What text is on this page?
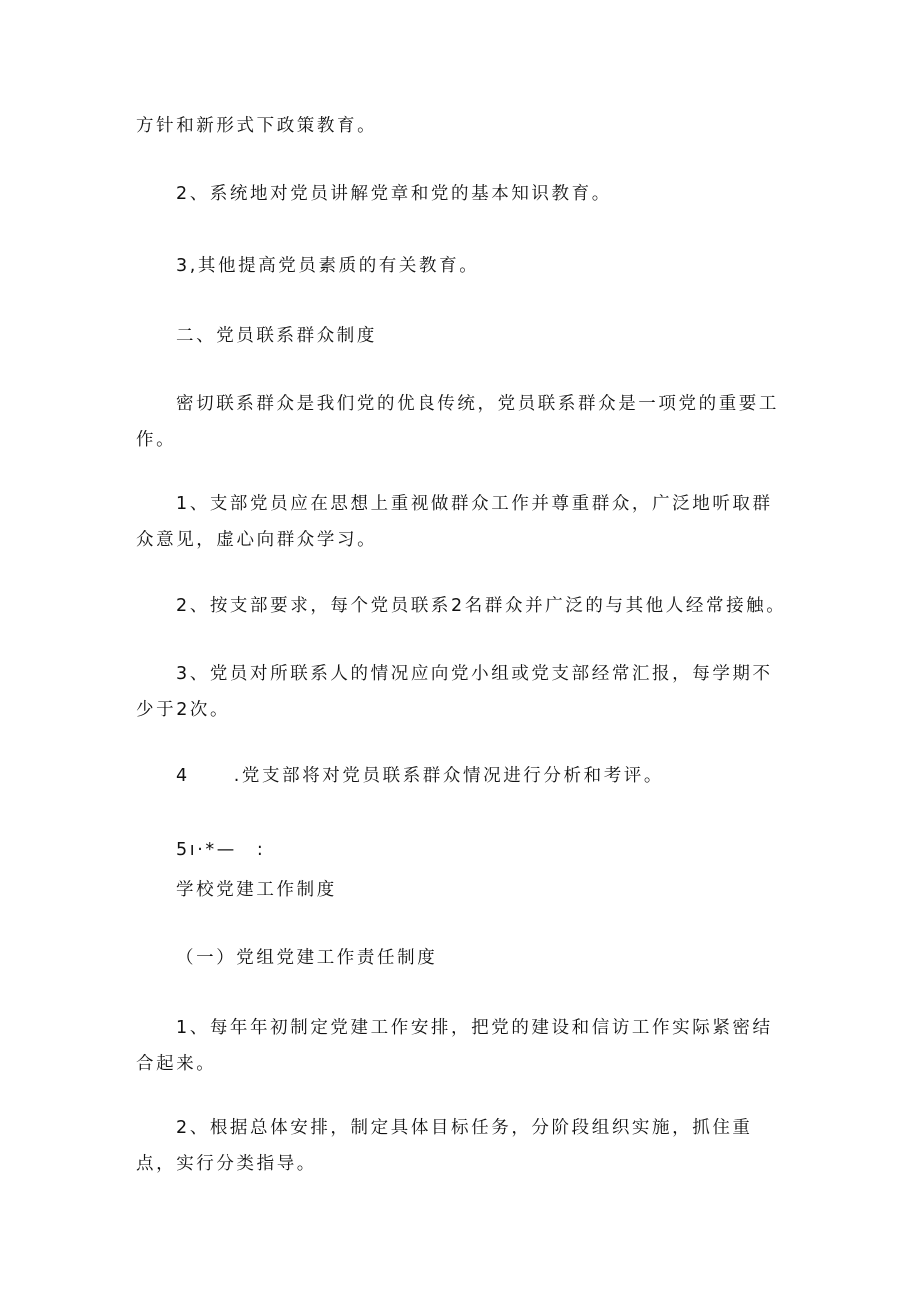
方针和新形式下政策教育。

2、系统地对党员讲解党章和党的基本知识教育。

3,其他提高党员素质的有关教育。

二、党员联系群众制度

密切联系群众是我们党的优良传统，党员联系群众是一项党的重要工作。

1、支部党员应在思想上重视做群众工作并尊重群众，广泛地听取群众意见，虚心向群众学习。

2、按支部要求，每个党员联系2名群众并广泛的与其他人经常接触。

3、党员对所联系人的情况应向党小组或党支部经常汇报，每学期不少于2次。

4	.党支部将对党员联系群众情况进行分析和考评。

5ı·*—　:

学校党建工作制度

（一）党组党建工作责任制度

1、每年年初制定党建工作安排，把党的建设和信访工作实际紧密结合起来。

2、根据总体安排，制定具体目标任务，分阶段组织实施，抓住重点，实行分类指导。
